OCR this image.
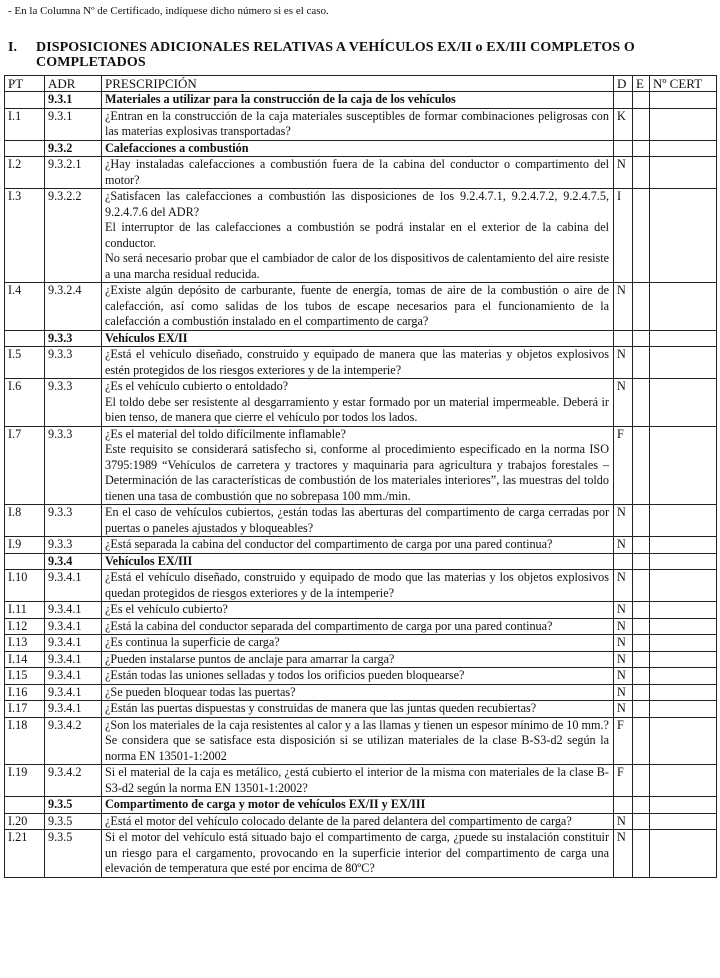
- En la Columna Nº de Certificado, indíquese dicho número si es el caso.
I. DISPOSICIONES ADICIONALES RELATIVAS A VEHÍCULOS EX/II o EX/III COMPLETOS O
COMPLETADOS
PT	ADR	PRESCRIPCIÓN	D	E	Nº CERT
	9.3.1	Materiales a utilizar para la construcción de la caja de los vehículos			

I.1	9.3.1	¿Entran en la construcción de la caja materiales susceptibles de formar combinaciones peligrosas con las materias explosivas transportadas?	K		
	9.3.2	Calefacciones a combustión			

I.2	9.3.2.1	¿Hay instaladas calefacciones a combustión fuera de la cabina del conductor o compartimento del motor?	N		
I.3	9.3.2.2	¿Satisfacen las calefacciones a combustión las disposiciones de los 9.2.4.7.1, 9.2.4.7.2, 9.2.4.7.5, 9.2.4.7.6 del ADR?
El interruptor de las calefacciones a combustión se podrá instalar en el exterior de la cabina del conductor.
No será necesario probar que el cambiador de calor de los dispositivos de calentamiento del aire resiste a una marcha residual reducida.	I		
I.4	9.3.2.4	¿Existe algún depósito de carburante, fuente de energía, tomas de aire de la combustión o aire de calefacción, así como salidas de los tubos de escape necesarios para el funcionamiento de la calefacción a combustión instalado en el compartimento de carga?	N		
	9.3.3	Vehículos EX/II			

I.5	9.3.3	¿Está el vehículo diseñado, construido y equipado de manera que las materias y objetos explosivos estén protegidos de los riesgos exteriores y de la intemperie?	N		
I.6	9.3.3	¿Es el vehículo cubierto o entoldado?
El toldo debe ser resistente al desgarramiento y estar formado por un material impermeable. Deberá ir bien tenso, de manera que cierre el vehículo por todos los lados.	N		
I.7	9.3.3	¿Es el material del toldo difícilmente inflamable?
Este requisito se considerará satisfecho si, conforme al procedimiento especificado en la norma ISO 3795:1989 “Vehículos de carretera y tractores y maquinaria para agricultura y trabajos forestales – Determinación de las características de combustión de los materiales interiores”, las muestras del toldo tienen una tasa de combustión que no sobrepasa 100 mm./min.	F		
I.8	9.3.3	En el caso de vehículos cubiertos, ¿están todas las aberturas del compartimento de carga cerradas por puertas o paneles ajustados y bloqueables?	N		
I.9	9.3.3	¿Está separada la cabina del conductor del compartimento de carga por una pared continua?	N		
	9.3.4	Vehículos EX/III			

I.10	9.3.4.1	¿Está el vehículo diseñado, construido y equipado de modo que las materias y los objetos explosivos quedan protegidos de riesgos exteriores y de la intemperie?	N		
I.11	9.3.4.1	¿Es el vehículo cubierto?	N		
I.12	9.3.4.1	¿Está la cabina del conductor separada del compartimento de carga por una pared continua?	N		
I.13	9.3.4.1	¿Es continua la superficie de carga?	N		
I.14	9.3.4.1	¿Pueden instalarse puntos de anclaje para amarrar la carga?	N		
I.15	9.3.4.1	¿Están todas las uniones selladas y todos los orificios pueden bloquearse?	N		
I.16	9.3.4.1	¿Se pueden bloquear todas las puertas?	N		
I.17	9.3.4.1	¿Están las puertas dispuestas y construidas de manera que las juntas queden recubiertas?	N		
I.18	9.3.4.2	¿Son los materiales de la caja resistentes al calor y a las llamas y tienen un espesor mínimo de 10 mm.?
Se considera que se satisface esta disposición si se utilizan materiales de la clase B-S3-d2 según la norma EN 13501-1:2002	F		
I.19	9.3.4.2	Si el material de la caja es metálico, ¿está cubierto el interior de la misma con materiales de la clase B-S3-d2 según la norma EN 13501-1:2002?	F		
	9.3.5	Compartimento de carga y motor de vehículos EX/II y EX/III			

I.20	9.3.5	¿Está el motor del vehículo colocado delante de la pared delantera del compartimento de carga?	N		
I.21	9.3.5	Si el motor del vehículo está situado bajo el compartimento de carga, ¿puede su instalación constituir un riesgo para el cargamento, provocando en la superficie interior del compartimento de carga una elevación de temperatura que esté por encima de 80ºC?	N		
